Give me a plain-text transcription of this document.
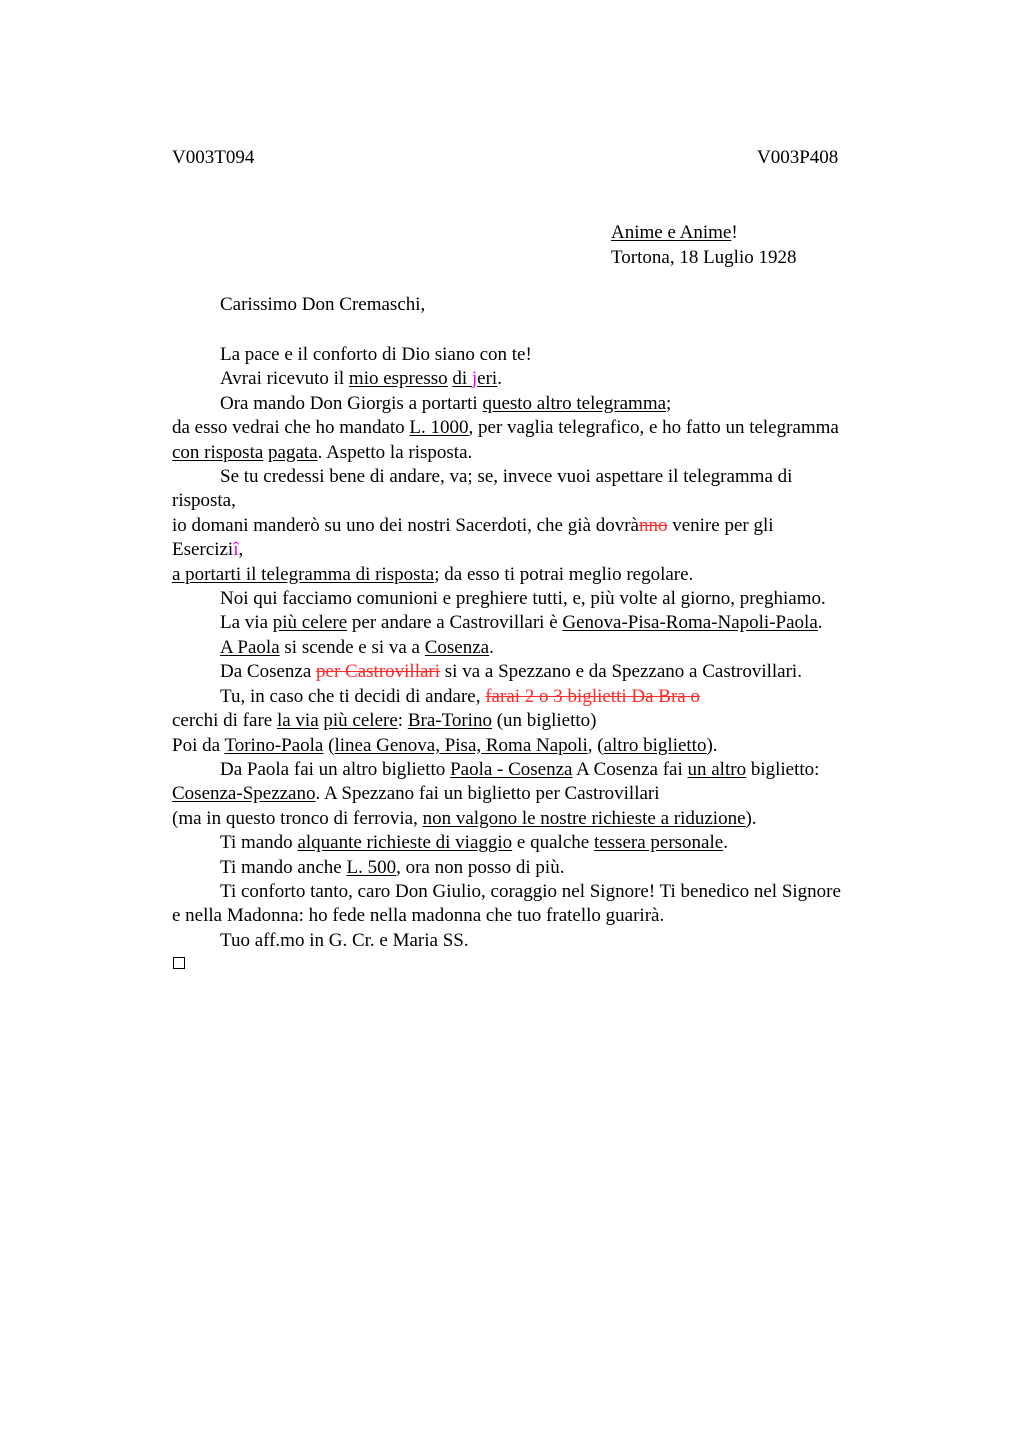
V003T094	V003P408
Anime e Anime!
Tortona, 18 Luglio 1928
Carissimo Don Cremaschi,
La pace e il conforto di Dio siano con te!
Avrai ricevuto il mio espresso di jeri.
Ora mando Don Giorgis a portarti questo altro telegramma;
da esso vedrai che ho mandato L. 1000, per vaglia telegrafico, e ho fatto un telegramma
con risposta pagata. Aspetto la risposta.
Se tu credessi bene di andare, va; se, invece vuoi aspettare il telegramma di
risposta,
io domani manderò su uno dei nostri Sacerdoti, che già dovrànno venire per gli
Eserciziî,
a portarti il telegramma di risposta; da esso ti potrai meglio regolare.
Noi qui facciamo comunioni e preghiere tutti, e, più volte al giorno, preghiamo.
La via più celere per andare a Castrovillari è Genova-Pisa-Roma-Napoli-Paola.
A Paola si scende e si va a Cosenza.
Da Cosenza per Castrovillari si va a Spezzano e da Spezzano a Castrovillari.
Tu, in caso che ti decidi di andare, farai 2 o 3 biglietti Da Bra o
cerchi di fare la via più celere: Bra-Torino (un biglietto)
Poi da Torino-Paola (linea Genova, Pisa, Roma Napoli, (altro biglietto).
Da Paola fai un altro biglietto Paola - Cosenza A Cosenza fai un altro biglietto:
Cosenza-Spezzano. A Spezzano fai un biglietto per Castrovillari
(ma in questo tronco di ferrovia, non valgono le nostre richieste a riduzione).
Ti mando alquante richieste di viaggio e qualche tessera personale.
Ti mando anche L. 500, ora non posso di più.
Ti conforto tanto, caro Don Giulio, coraggio nel Signore! Ti benedico nel Signore
e nella Madonna: ho fede nella madonna che tuo fratello guarirà.
Tuo aff.mo in G. Cr. e Maria SS.
